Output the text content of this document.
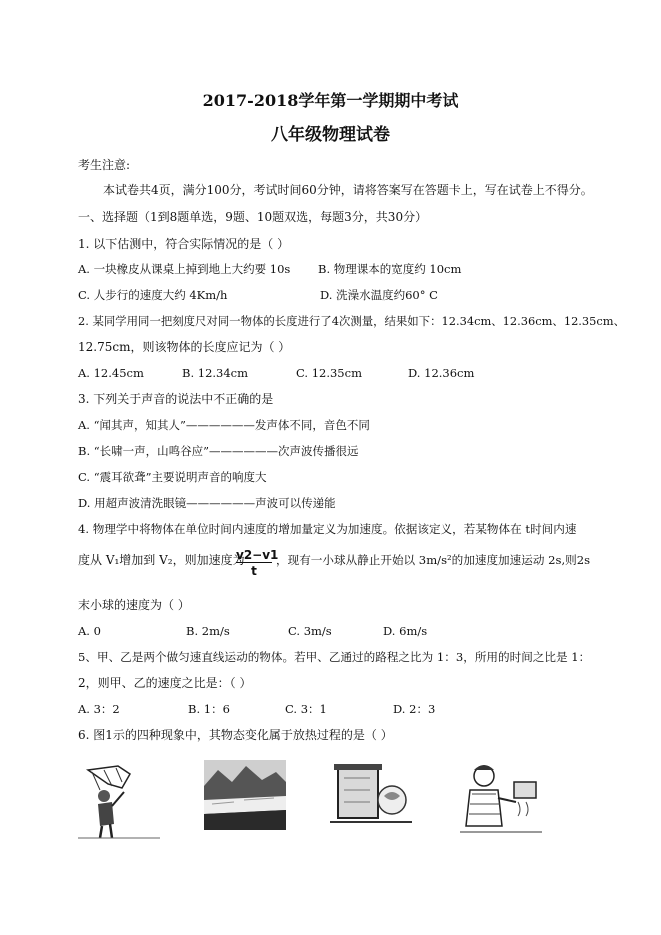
2017-2018学年第一学期期中考试
八年级物理试卷
考生注意:
本试卷共4页，满分100分，考试时间60分钟，请将答案写在答题卡上，写在试卷上不得分。
一、选择题（1到8题单选，9题、10题双选，每题3分，共30分）
1. 以下估测中，符合实际情况的是（ ）
A. 一块橡皮从课桌上掉到地上大约要 10s B. 物理课本的宽度约 10cm
C. 人步行的速度大约 4Km/h	D. 洗澡水温度约60° C
2. 某同学用同一把刻度尺对同一物体的长度进行了4次测量，结果如下：12.34cm、12.36cm、12.35cm、
12.75cm，则该物体的长度应记为（ ）
A. 12.45cm	B. 12.34cm	C. 12.35cm	D. 12.36cm
3. 下列关于声音的说法中不正确的是
A. “闻其声，知其人”——————发声体不同，音色不同
B. “长啸一声，山鸣谷应”——————次声波传播很远
C. “震耳欲聋”主要说明声音的响度大
D. 用超声波清洗眼镜——————声波可以传递能
4. 物理学中将物体在单位时间内速度的增加量定义为加速度。依据该定义，若某物体在 t时间内速
度从 V₁增加到 V₂，则加速度为
$\frac{v2-v1}{t}$ ，现有一小球从静止开始以 3m/s²的加速度加速运动 2s,则2s
末小球的速度为（ ）
A. 0	B. 2m/s	C. 3m/s	D. 6m/s
5、甲、乙是两个做匀速直线运动的物体。若甲、乙通过的路程之比为 1：3，所用的时间之比是 1：
2，则甲、乙的速度之比是：（ ）
A. 3：2	B. 1：6	C. 3：1	D. 2：3
6. 图1示的四种现象中，其物态变化属于放热过程的是（ ）
